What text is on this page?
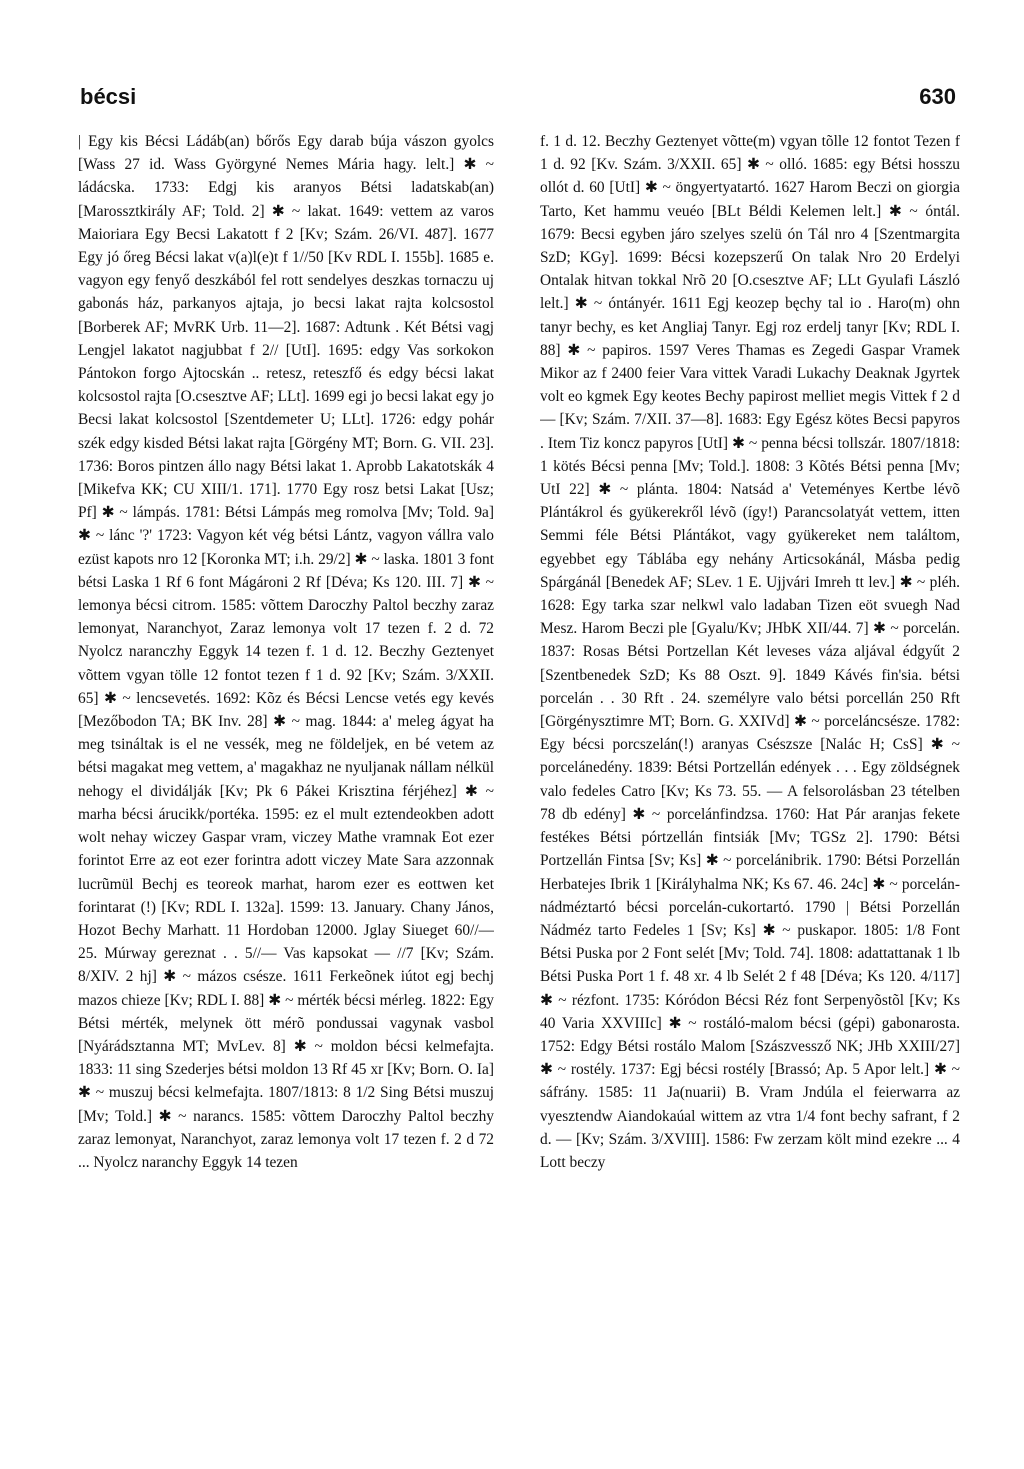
bécsi	630

| Egy kis Bécsi Ládáb(an) bőrős Egy darab búja vászon gyolcs [Wass 27 id. Wass Györgyné Nemes Mária hagy. lelt.] ✱ ~ ládácska. 1733: Edgj kis aranyos Bétsi ladatskab(an) [Marossztkirály AF; Told. 2] ✱ ~ lakat. 1649: vettem az varos Maioriara Egy Becsi Lakatott f 2 [Kv; Szám. 26/VI. 487]. 1677 Egy jó őreg Bécsi lakat v(a)l(e)t f 1//50 [Kv RDL I. 155b]. 1685 e. vagyon egy fenyő deszkából fel rott sendelyes deszkas tornaczu uj gabonás ház, parkanyos ajtaja, jo becsi lakat rajta kolcsostol [Borberek AF; MvRK Urb. 11—2]. 1687: Adtunk . Két Bétsi vagj Lengjel lakatot nagjubbat f 2// [UtI]. 1695: edgy Vas sorkokon Pántokon forgo Ajtocskán .. retesz, reteszfő és edgy bécsi lakat kolcsostol rajta [O.csesztve AF; LLt]. 1699 egi jo becsi lakat egy jo Becsi lakat kolcsostol [Szentdemeter U; LLt]. 1726: edgy pohár szék edgy kisded Bétsi lakat rajta [Görgény MT; Born. G. VII. 23]. 1736: Boros pintzen állo nagy Bétsi lakat 1. Aprobb Lakatotskák 4 [Mikefva KK; CU XIII/1. 171]. 1770 Egy rosz betsi Lakat [Usz; Pf] ✱ ~ lámpás. 1781: Bétsi Lámpás meg romolva [Mv; Told. 9a] ✱ ~ lánc '?' 1723: Vagyon két vég bétsi Lántz, vagyon vállra valo ezüst kapots nro 12 [Koronka MT; i.h. 29/2] ✱ ~ laska. 1801 3 font bétsi Laska 1 Rf 6 font Mágároni 2 Rf [Déva; Ks 120. III. 7] ✱ ~ lemonya bécsi citrom. 1585: võttem Daroczhy Paltol beczhy zaraz lemonyat, Naranchyot, Zaraz lemonya volt 17 tezen f. 2 d. 72 Nyolcz naranczhy Eggyk 14 tezen f. 1 d. 12. Beczhy Geztenyet võttem vgyan tölle 12 fontot tezen f 1 d. 92 [Kv; Szám. 3/XXII. 65] ✱ ~ lencsevetés. 1692: Kõz és Bécsi Lencse vetés egy kevés [Mezőbodon TA; BK Inv. 28] ✱ ~ mag. 1844: a' meleg ágyat ha meg tsináltak is el ne vessék, meg ne földeljek, en bé vetem az bétsi magakat meg vettem, a' magakhaz ne nyuljanak nállam nélkül nehogy el dividálják [Kv; Pk 6 Pákei Krisztina férjéhez] ✱ ~ marha bécsi árucikk/portéka. 1595: ez el mult eztendeokben adott wolt nehay wiczey Gaspar vram, viczey Mathe vramnak Eot ezer forintot Erre az eot ezer forintra adott viczey Mate Sara azzonnak lucrũmül Bechj es teoreok marhat, harom ezer es eottwen ket forintarat (!) [Kv; RDL I. 132a]. 1599: 13. January. Chany János, Hozot Bechy Marhatt. 11 Hordoban 12000. Jglay Siueget 60//—25. Múrway gereznat . . 5//— Vas kapsokat — //7 [Kv; Szám. 8/XIV. 2 hj] ✱ ~ mázos csésze. 1611 Ferkeõnek iútot egj bechj mazos chieze [Kv; RDL I. 88] ✱ ~ mérték bécsi mérleg. 1822: Egy Bétsi mérték, melynek ött mérõ pondussai vagynak vasbol [Nyárádsztanna MT; MvLev. 8] ✱ ~ moldon bécsi kelmefajta. 1833: 11 sing Szederjes bétsi moldon 13 Rf 45 xr [Kv; Born. O. Ia] ✱ ~ muszuj bécsi kelmefajta. 1807/1813: 8 1/2 Sing Bétsi muszuj [Mv; Told.] ✱ ~ narancs. 1585: võttem Daroczhy Paltol beczhy zaraz lemonyat, Naranchyot, zaraz lemonya volt 17 tezen f. 2 d 72 ... Nyolcz naranchy Eggyk 14 tezen

f. 1 d. 12. Beczhy Geztenyet võtte(m) vgyan tõlle 12 fontot Tezen f 1 d. 92 [Kv. Szám. 3/XXII. 65] ✱ ~ olló. 1685: egy Bétsi hosszu ollót d. 60 [UtI] ✱ ~ öngyertyatartó. 1627 Harom Beczi on giorgia Tarto, Ket hammu veuéo [BLt Béldi Kelemen lelt.] ✱ ~ óntál. 1679: Becsi egyben járo szelyes szelü ón Tál nro 4 [Szentmargita SzD; KGy]. 1699: Bécsi kozepszerű On talak Nro 20 Erdelyi Ontalak hitvan tokkal Nrõ 20 [O.csesztve AF; LLt Gyulafi László lelt.] ✱ ~ óntányér. 1611 Egj keozep bęchy tal io . Haro(m) ohn tanyr bechy, es ket Angliaj Tanyr. Egj roz erdelj tanyr [Kv; RDL I. 88] ✱ ~ papiros. 1597 Veres Thamas es Zegedi Gaspar Vramek Mikor az f 2400 feier Vara vittek Varadi Lukachy Deaknak Jgyrtek volt eo kgmek Egy keotes Bechy papirost melliet megis Vittek f 2 d — [Kv; Szám. 7/XII. 37—8]. 1683: Egy Egész kötes Becsi papyros . Item Tiz koncz papyros [UtI] ✱ ~ penna bécsi tollszár. 1807/1818: 1 kötés Bécsi penna [Mv; Told.]. 1808: 3 Kõtés Bétsi penna [Mv; UtI 22] ✱ ~ plánta. 1804: Natsád a' Veteményes Kertbe lévõ Plántákrol és gyükerekről lévõ (így!) Parancsolatyát vettem, itten Semmi féle Bétsi Plántákot, vagy gyükereket nem találtom, egyebbet egy Táblába egy nehány Articsokánál, Másba pedig Spárgánál [Benedek AF; SLev. 1 E. Ujjvári Imreh tt lev.] ✱ ~ pléh. 1628: Egy tarka szar nelkwl valo ladaban Tizen eöt svuegh Nad Mesz. Harom Beczi ple [Gyalu/Kv; JHbK XII/44. 7] ✱ ~ porcelán. 1837: Rosas Bétsi Portzellan Két leveses váza aljával édgyűt 2 [Szentbenedek SzD; Ks 88 Oszt. 9]. 1849 Kávés fin'sia. bétsi porcelán . . 30 Rft . 24. személyre valo bétsi porcellán 250 Rft [Görgényszt​imre MT; Born. G. XXIVd] ✱ ~ porcelánc​sésze. 1782: Egy bécsi porcszelán(!) aranyas Csészsze [Nalác H; CsS] ✱ ~ porcelánedény. 1839: Bétsi Portzellán edények . . . Egy zöldségnek valo fedeles Catro [Kv; Ks 73. 55. — A felsorolásban 23 tételben 78 db edény] ✱ ~ porcelánfindzsa. 1760: Hat Pár aranjas fekete festékes Bétsi pórtzellán fintsiák [Mv; TGSz 2]. 1790: Bétsi Portzellán Fintsa [Sv; Ks] ✱ ~ porcelánibrik. 1790: Bétsi Porzellán Herbatejes Ibrik 1 [Királyhalma NK; Ks 67. 46. 24c] ✱ ~ porcelán-nádmé​ztartó bécsi porcelán-cukortartó. 1790 | Bétsi Porzellán Nádméz tarto Fedeles 1 [Sv; Ks] ✱ ~ puskapor. 1805: 1/8 Font Bétsi Puska por 2 Font selét [Mv; Told. 74]. 1808: adattattanak 1 lb Bétsi Puska Port 1 f. 48 xr. 4 lb Selét 2 f 48 [Déva; Ks 120. 4/117] ✱ ~ rézfont. 1735: Kóródon Bécsi Réz font Serpenyõstõl [Kv; Ks 40 Varia XXVIIIc] ✱ ~ rostáló-malom bécsi (gépi) gabonarosta. 1752: Edgy Bétsi rostálo Malom [Szászvessző NK; JHb XXIII/27] ✱ ~ rostély. 1737: Egj bécsi rostély [Brassó; Ap. 5 Apor lelt.] ✱ ~ sáfrány. 1585: 11 Ja(nuarii) B. Vram Jndúla el feierwarra az vyesztendw Aiandokaúal wittem az vtra 1/4 font bechy safrant, f 2 d. — [Kv; Szám. 3/XVIII]. 1586: Fw zerzam költ mind ezekre ... 4 Lott beczy
